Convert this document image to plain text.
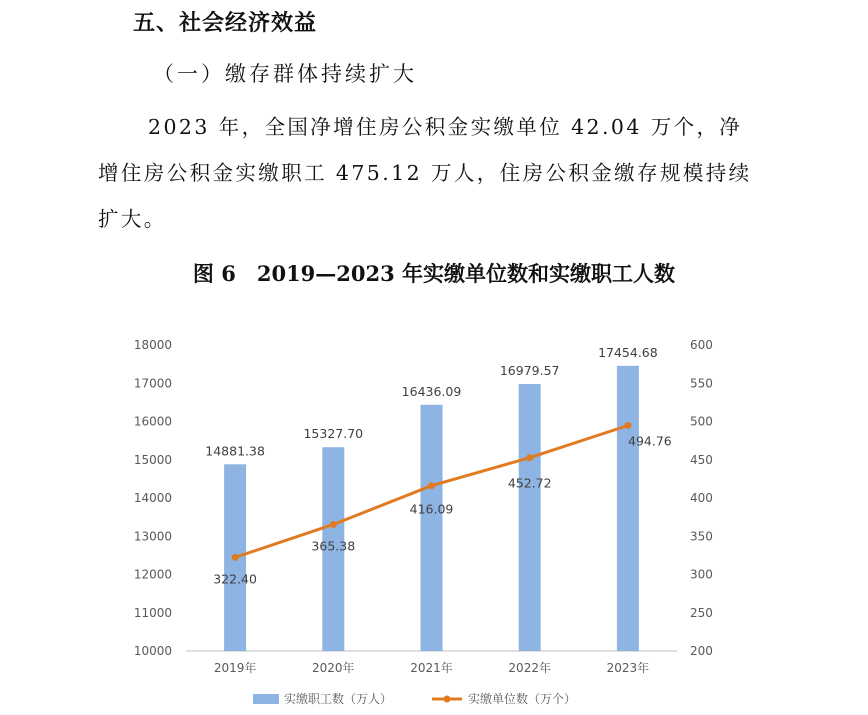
五、社会经济效益
（一）缴存群体持续扩大

2023 年，全国净增住房公积金实缴单位 42.04 万个，净增住房公积金实缴职工 475.12 万人，住房公积金缴存规模持续扩大。

图 6　2019—2023 年实缴单位数和实缴职工人数
10000
11000
12000
13000
14000
15000
16000
17000
18000
200
250
300
350
400
450
500
550
600
14881.38
15327.70
16436.09
16979.57
17454.68
2019年	2020年	2021年	2022年	2023年
322.40
365.38
416.09
452.72
494.76
实缴职工数（万人）	实缴单位数（万个）
